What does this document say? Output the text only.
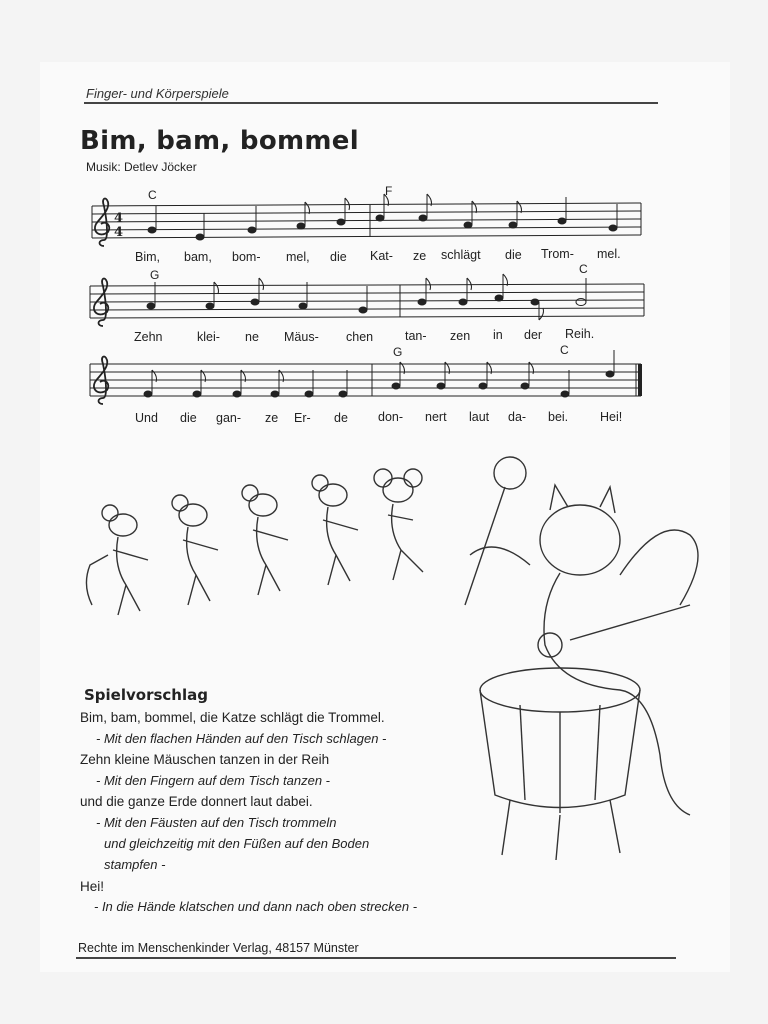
Finger- und Körperspiele
Bim, bam, bommel
Musik: Detlev Jöcker
C	F
G	C
G	C
4
4
Bim, bam, bom- mel, die Kat- ze schlägt die Trom- mel.
Zehn	klei- ne Mäus- chen	tan- zen in der Reih.
Und die gan- ze Er- de don- nert laut da- bei.	Hei!
Spielvorschlag
Bim, bam, bommel, die Katze schlägt die Trommel.
- Mit den flachen Händen auf den Tisch schlagen -
Zehn kleine Mäuschen tanzen in der Reih
- Mit den Fingern auf dem Tisch tanzen -
und die ganze Erde donnert laut dabei.
- Mit den Fäusten auf den Tisch trommeln
und gleichzeitig mit den Füßen auf den Boden
stampfen -
Hei!
- In die Hände klatschen und dann nach oben strecken -
Rechte im Menschenkinder Verlag, 48157 Münster
